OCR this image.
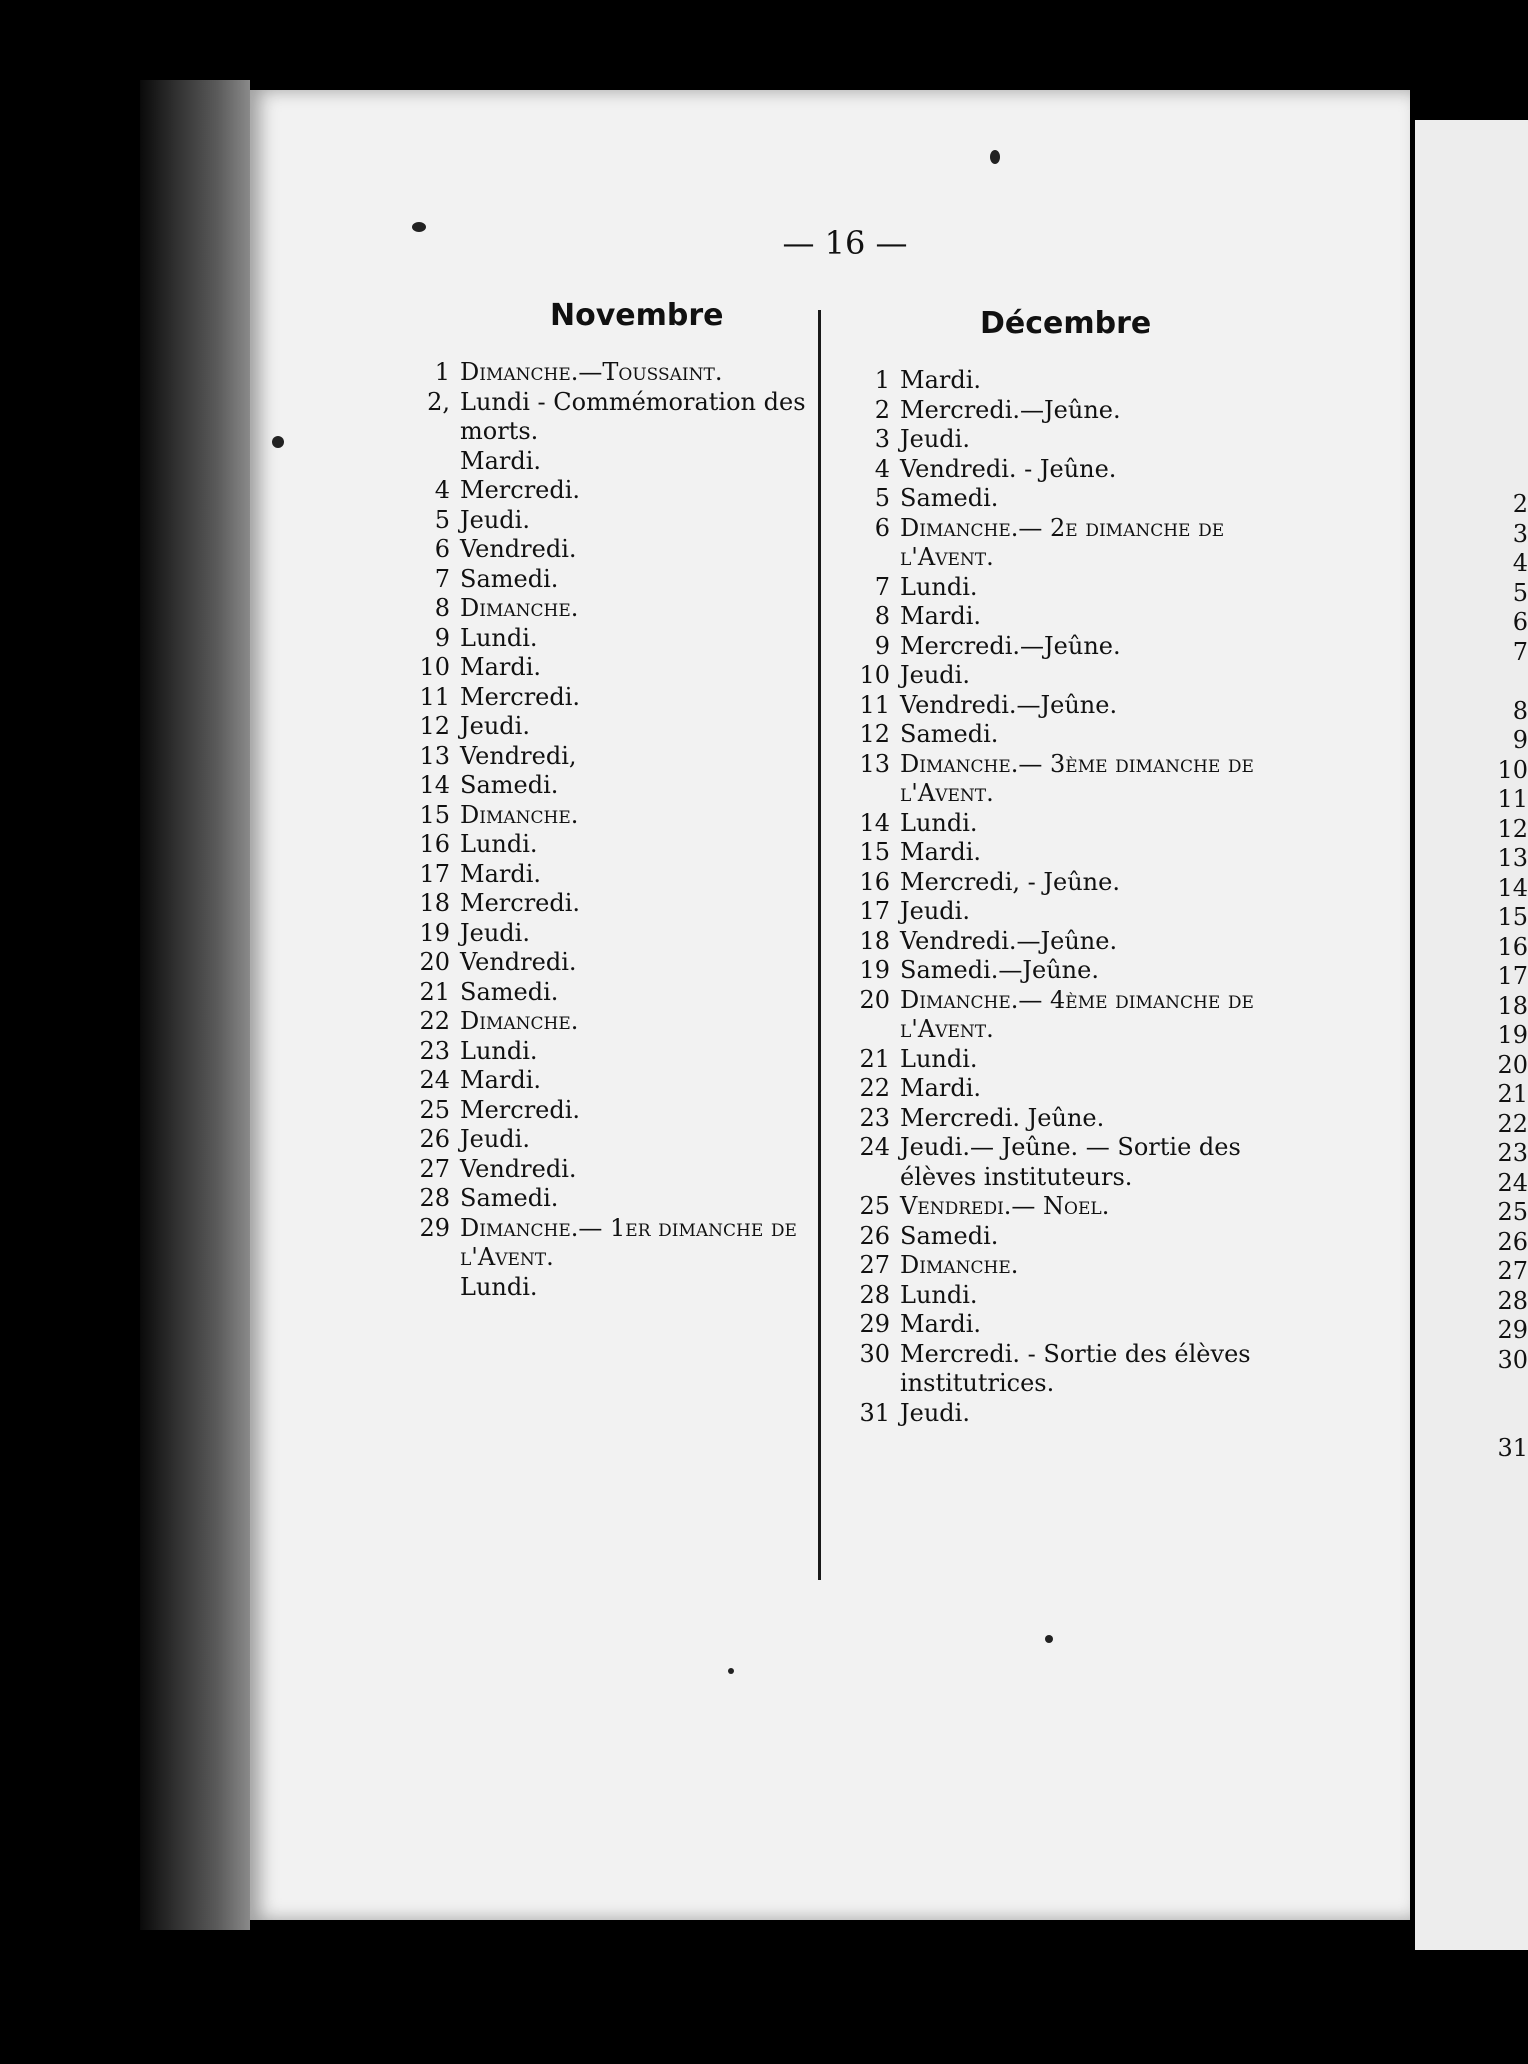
— 16 —
Novembre	Décembre
1 Dimanche.—Toussaint.
2, Lundi - Commémoration des morts.
Mardi.
4 Mercredi.
5 Jeudi.
6 Vendredi.
7 Samedi.
8 Dimanche.
9 Lundi.
10 Mardi.
11 Mercredi.
12 Jeudi.
13 Vendredi,
14 Samedi.
15 Dimanche.
16 Lundi.
17 Mardi.
18 Mercredi.
19 Jeudi.
20 Vendredi.
21 Samedi.
22 Dimanche.
23 Lundi.
24 Mardi.
25 Mercredi.
26 Jeudi.
27 Vendredi.
28 Samedi.
29 Dimanche.— 1er dimanche de l'Avent.
Lundi.
1 Mardi.
2 Mercredi.—Jeûne.
3 Jeudi.
4 Vendredi. - Jeûne.
5 Samedi.
6 Dimanche.— 2e dimanche de l'Avent.
7 Lundi.
8 Mardi.
9 Mercredi.—Jeûne.
10 Jeudi.
11 Vendredi.—Jeûne.
12 Samedi.
13 Dimanche.— 3ème dimanche de l'Avent.
14 Lundi.
15 Mardi.
16 Mercredi, - Jeûne.
17 Jeudi.
18 Vendredi.—Jeûne.
19 Samedi.—Jeûne.
20 Dimanche.— 4ème dimanche de l'Avent.
21 Lundi.
22 Mardi.
23 Mercredi. Jeûne.
24 Jeudi.— Jeûne. — Sortie des élèves instituteurs.
25 Vendredi.— Noel.
26 Samedi.
27 Dimanche.
28 Lundi.
29 Mardi.
30 Mercredi. - Sortie des élèves institutrices.
31 Jeudi.
2
3
4
5
6
7

8
9
10
11
12
13
14
15
16
17
18
19
20
21
22
23
24
25
26
27
28
29
30

31
